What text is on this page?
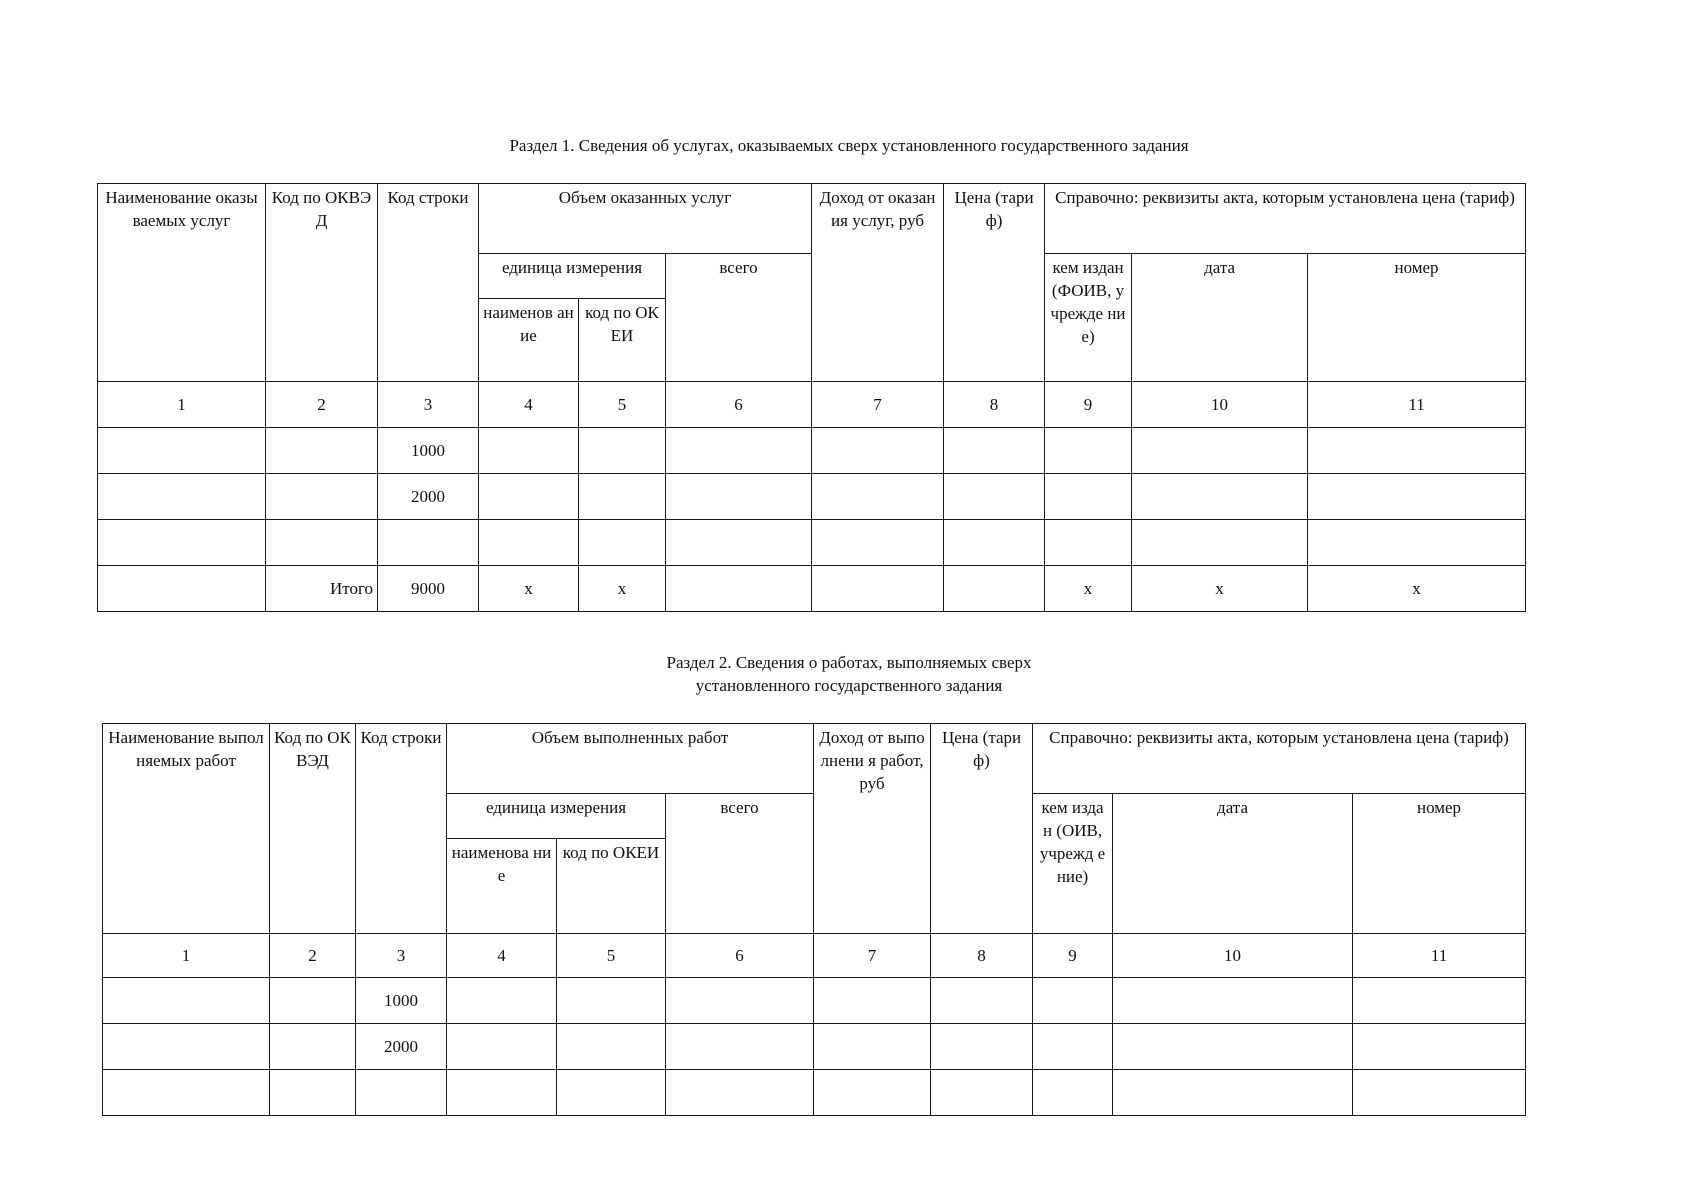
Раздел 1. Сведения об услугах, оказываемых сверх установленного государственного задания
Наименование оказываемых услуг	Код по ОКВЭД	Код строки	Объем оказанных услуг			Доход от оказания услуг, руб	Цена (тариф)	Справочно: реквизиты акта, которым установлена цена (тариф)		
			единица измерения		всего			кем издан (ФОИВ, учрежде ние)	дата	номер
			наименов ание	код по ОКЕИ						
1	2	3	4	5	6	7	8	9	10	11
		1000								
		2000								

	Итого	9000	x	x				x	x	x
Раздел 2. Сведения о работах, выполняемых сверх
установленного государственного задания
Наименование выполняемых работ	Код по ОКВЭД	Код строки	Объем выполненных работ			Доход от выполнени я работ, руб	Цена (тариф)	Справочно: реквизиты акта, которым установлена цена (тариф)		
			единица измерения		всего			кем издан (ОИВ, учрежд ение)	дата	номер
			наименова ние	код по ОКЕИ						
1	2	3	4	5	6	7	8	9	10	11
		1000								
		2000								
